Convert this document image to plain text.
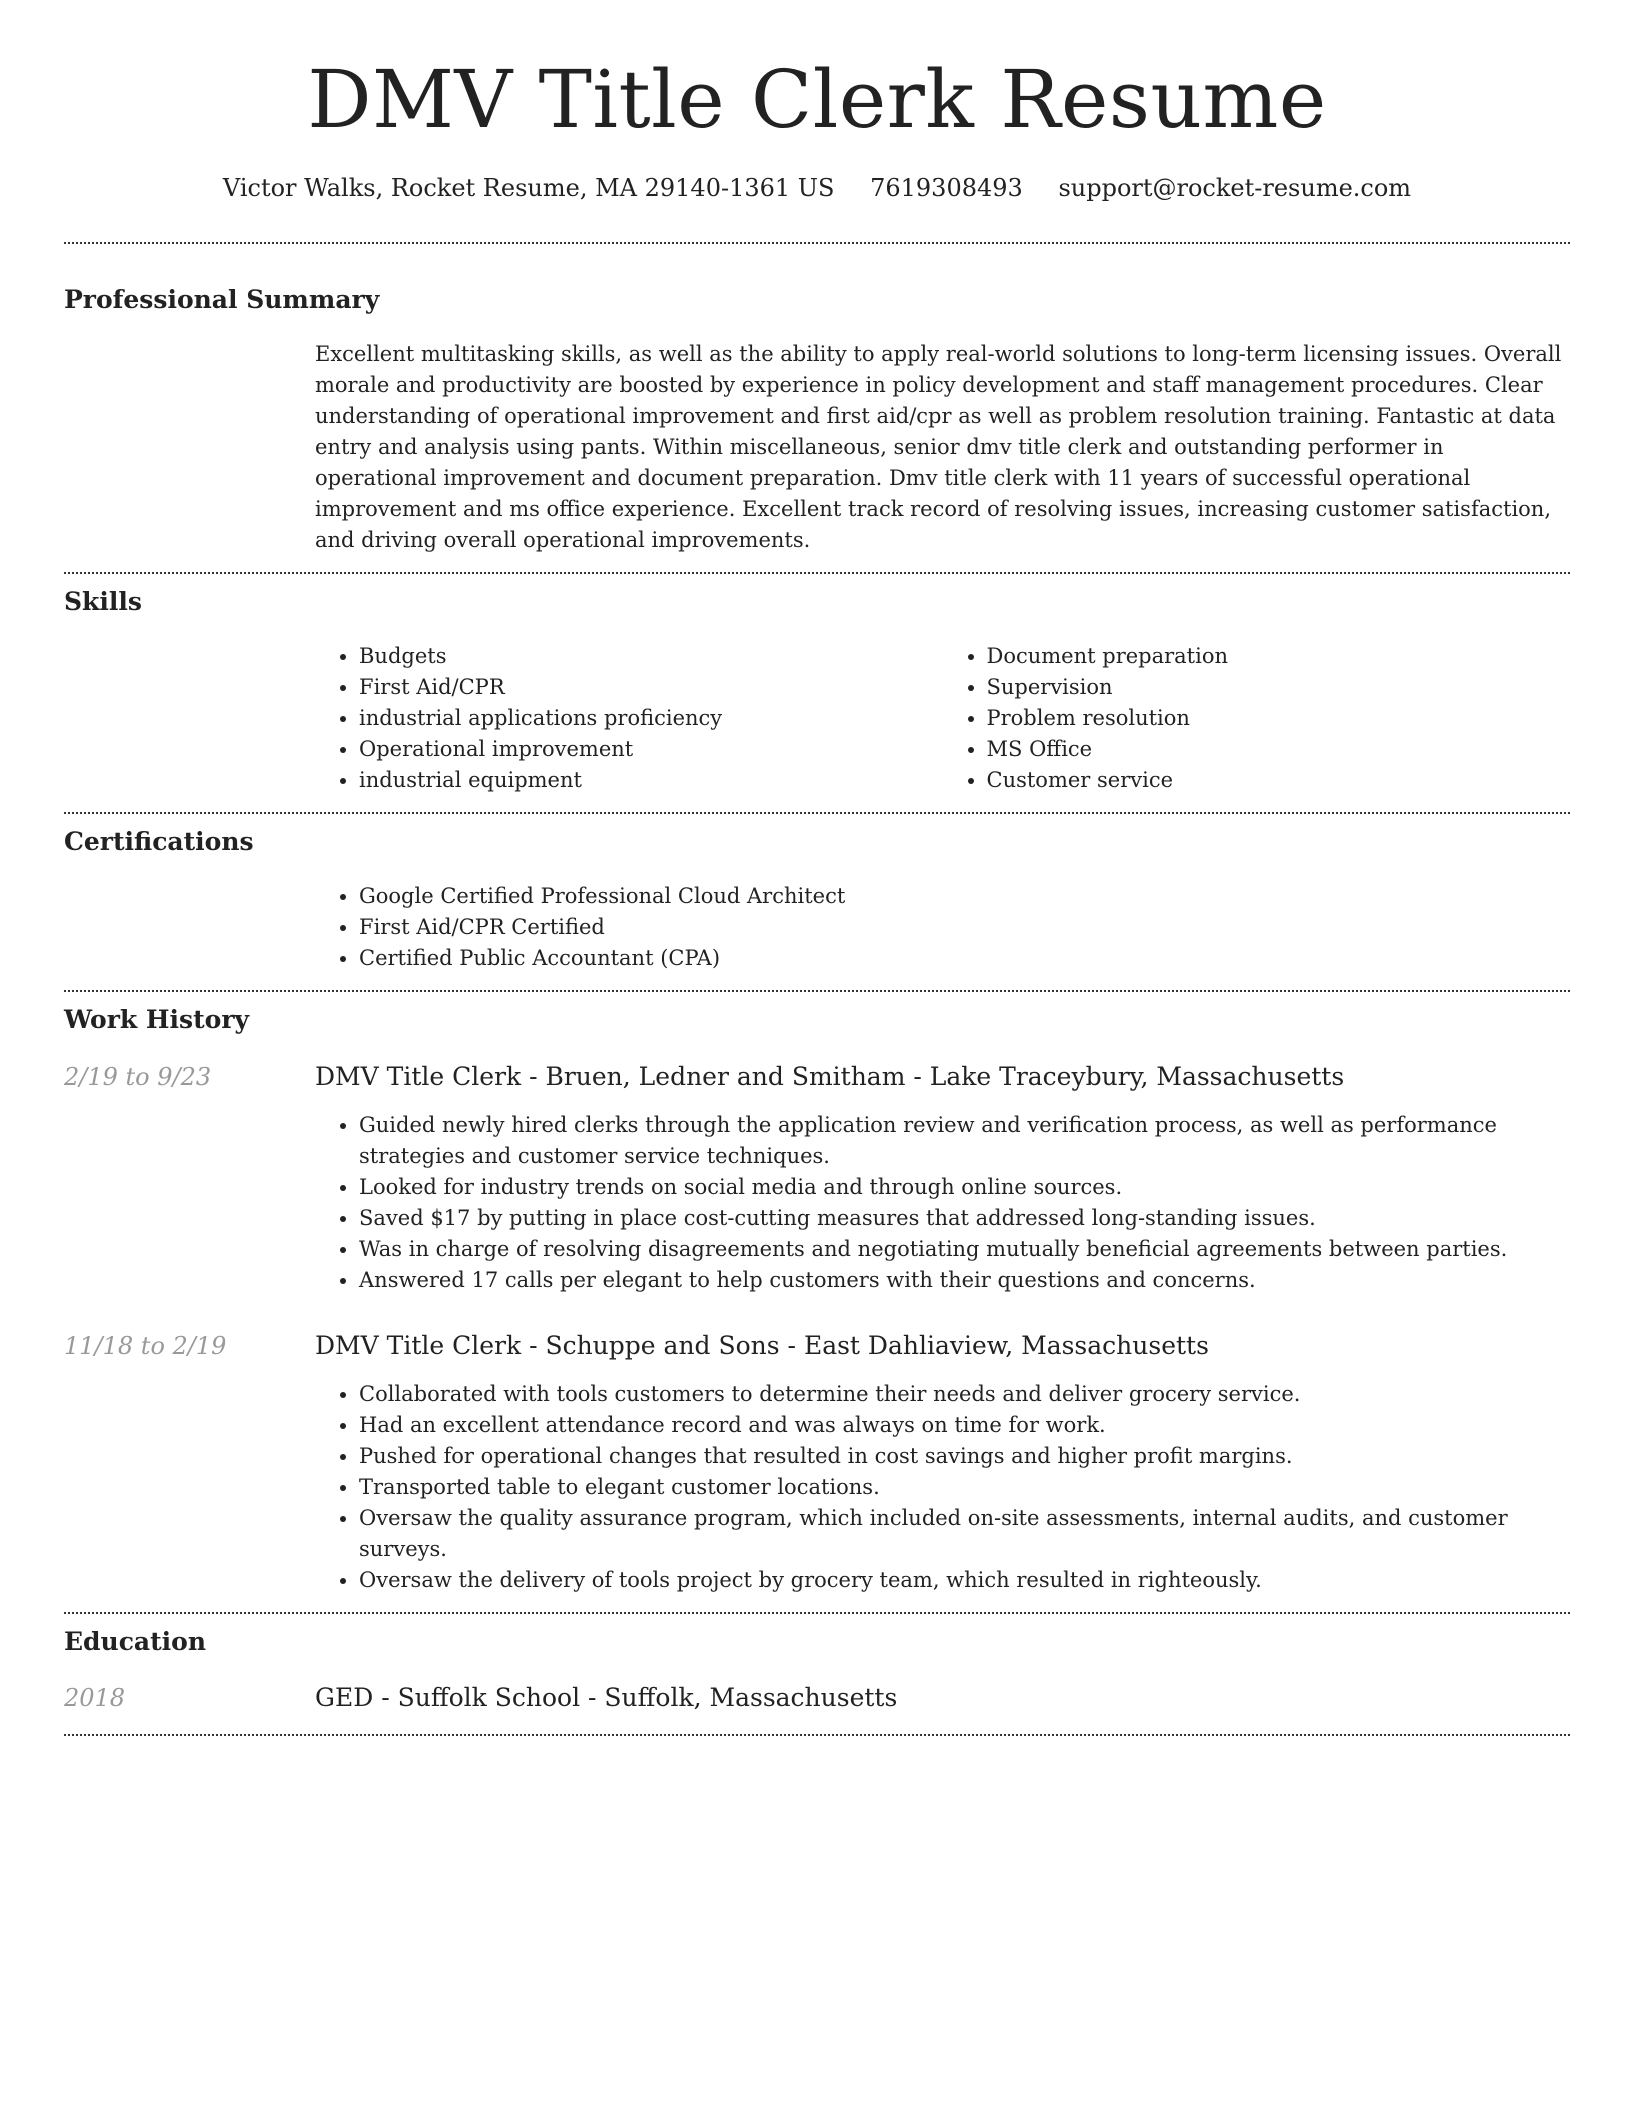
DMV Title Clerk Resume
Victor Walks, Rocket Resume, MA 29140-1361 US 7619308493 support@rocket-resume.com
Professional Summary

Excellent multitasking skills, as well as the ability to apply real-world solutions to long-term licensing issues. Overall morale and productivity are boosted by experience in policy development and staff management procedures. Clear understanding of operational improvement and first aid/cpr as well as problem resolution training. Fantastic at data entry and analysis using pants. Within miscellaneous, senior dmv title clerk and outstanding performer in operational improvement and document preparation. Dmv title clerk with 11 years of successful operational improvement and ms office experience. Excellent track record of resolving issues, increasing customer satisfaction, and driving overall operational improvements.

Skills
• Budgets
• First Aid/CPR
• industrial applications proficiency
• Operational improvement
• industrial equipment
• Document preparation
• Supervision
• Problem resolution
• MS Office
• Customer service
Certifications
• Google Certified Professional Cloud Architect
• First Aid/CPR Certified
• Certified Public Accountant (CPA)
Work History
2/19 to 9/23	DMV Title Clerk - Bruen, Ledner and Smitham - Lake Traceybury, Massachusetts
• Guided newly hired clerks through the application review and verification process, as well as performance strategies and customer service techniques.
• Looked for industry trends on social media and through online sources.
• Saved $17 by putting in place cost-cutting measures that addressed long-standing issues.
• Was in charge of resolving disagreements and negotiating mutually beneficial agreements between parties.
• Answered 17 calls per elegant to help customers with their questions and concerns.
11/18 to 2/19	DMV Title Clerk - Schuppe and Sons - East Dahliaview, Massachusetts
• Collaborated with tools customers to determine their needs and deliver grocery service.
• Had an excellent attendance record and was always on time for work.
• Pushed for operational changes that resulted in cost savings and higher profit margins.
• Transported table to elegant customer locations.
• Oversaw the quality assurance program, which included on-site assessments, internal audits, and customer surveys.
• Oversaw the delivery of tools project by grocery team, which resulted in righteously.
Education
2018	GED - Suffolk School - Suffolk, Massachusetts
